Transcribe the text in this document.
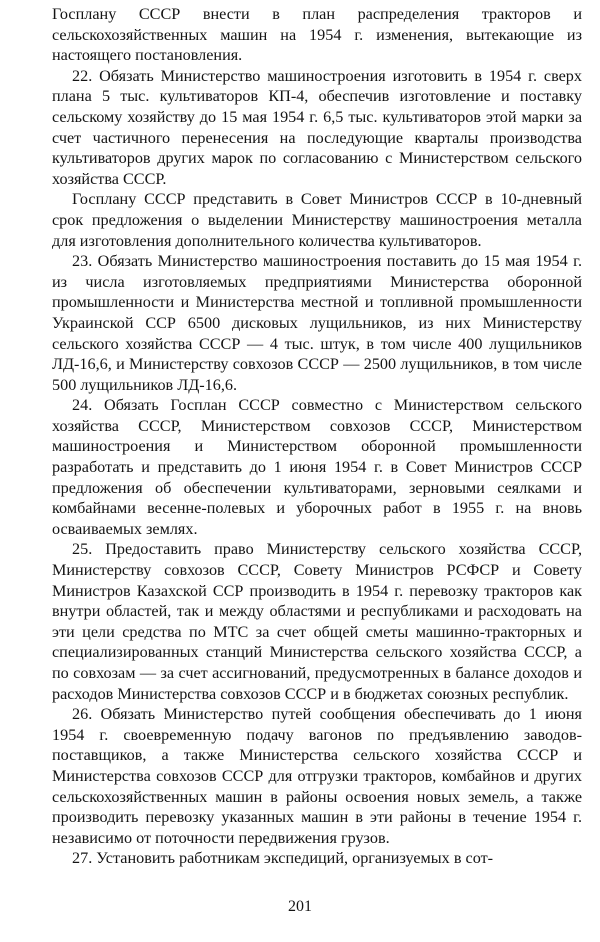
Госплану СССР внести в план распределения тракторов и сельскохозяйственных машин на 1954 г. изменения, вытекающие из настоящего постановления.

22. Обязать Министерство машиностроения изготовить в 1954 г. сверх плана 5 тыс. культиваторов КП-4, обеспечив изготовление и поставку сельскому хозяйству до 15 мая 1954 г. 6,5 тыс. культиваторов этой марки за счет частичного перенесения на последующие кварталы производства культиваторов других марок по согласованию с Министерством сельского хозяйства СССР.

Госплану СССР представить в Совет Министров СССР в 10-дневный срок предложения о выделении Министерству машиностроения металла для изготовления дополнительного количества культиваторов.

23. Обязать Министерство машиностроения поставить до 15 мая 1954 г. из числа изготовляемых предприятиями Министерства оборонной промышленности и Министерства местной и топливной промышленности Украинской ССР 6500 дисковых лущильников, из них Министерству сельского хозяйства СССР — 4 тыс. штук, в том числе 400 лущильников ЛД-16,6, и Министерству совхозов СССР — 2500 лущильников, в том числе 500 лущильников ЛД-16,6.

24. Обязать Госплан СССР совместно с Министерством сельского хозяйства СССР, Министерством совхозов СССР, Министерством машиностроения и Министерством оборонной промышленности разработать и представить до 1 июня 1954 г. в Совет Министров СССР предложения об обеспечении культиваторами, зерновыми сеялками и комбайнами весенне-полевых и уборочных работ в 1955 г. на вновь осваиваемых землях.

25. Предоставить право Министерству сельского хозяйства СССР, Министерству совхозов СССР, Совету Министров РСФСР и Совету Министров Казахской ССР производить в 1954 г. перевозку тракторов как внутри областей, так и между областями и республиками и расходовать на эти цели средства по МТС за счет общей сметы машинно-тракторных и специализированных станций Министерства сельского хозяйства СССР, а по совхозам — за счет ассигнований, предусмотренных в балансе доходов и расходов Министерства совхозов СССР и в бюджетах союзных республик.

26. Обязать Министерство путей сообщения обеспечивать до 1 июня 1954 г. своевременную подачу вагонов по предъявлению заводов-поставщиков, а также Министерства сельского хозяйства СССР и Министерства совхозов СССР для отгрузки тракторов, комбайнов и других сельскохозяйственных машин в районы освоения новых земель, а также производить перевозку указанных машин в эти районы в течение 1954 г. независимо от поточности передвижения грузов.

27. Установить работникам экспедиций, организуемых в сот-

201
